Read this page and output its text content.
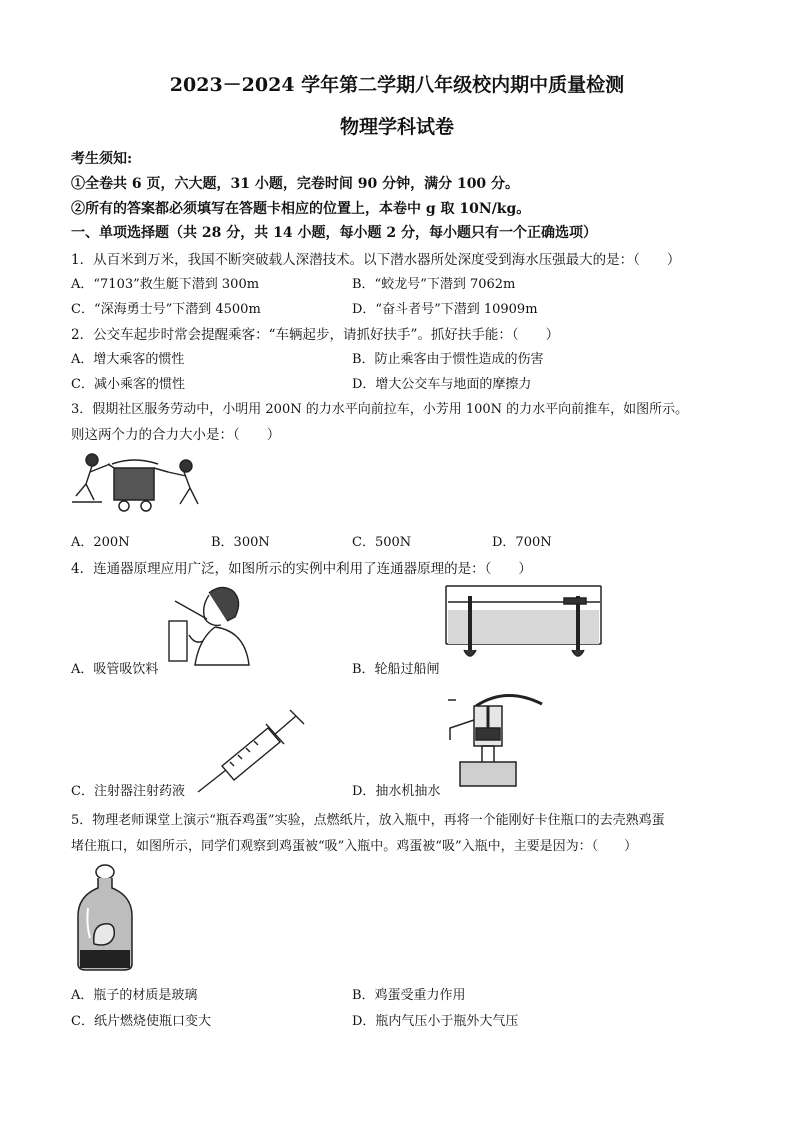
2023－2024 学年第二学期八年级校内期中质量检测
物理学科试卷
考生须知:
①全卷共 6 页，六大题，31 小题，完卷时间 90 分钟，满分 100 分。
②所有的答案都必须填写在答题卡相应的位置上，本卷中 g 取 10N/kg。
一、单项选择题（共 28 分，共 14 小题，每小题 2 分，每小题只有一个正确选项）
1．从百米到万米，我国不断突破载人深潜技术。以下潜水器所处深度受到海水压强最大的是：（　　）
A．“7103”救生艇下潜到 300m	B．“蛟龙号”下潜到 7062m
C．“深海勇士号”下潜到 4500m	D．“奋斗者号”下潜到 10909m
2．公交车起步时常会提醒乘客：“车辆起步，请抓好扶手”。抓好扶手能：（　　）
A．增大乘客的惯性	B．防止乘客由于惯性造成的伤害
C．减小乘客的惯性	D．增大公交车与地面的摩擦力
3．假期社区服务劳动中，小明用 200N 的力水平向前拉车，小芳用 100N 的力水平向前推车，如图所示。
则这两个力的合力大小是：（　　）
A．200N	B．300N	C．500N	D．700N
4．连通器原理应用广泛，如图所示的实例中利用了连通器原理的是：（　　）
A．吸管吸饮料	B．轮船过船闸
C．注射器注射药液	D．抽水机抽水
5．物理老师课堂上演示“瓶吞鸡蛋”实验，点燃纸片，放入瓶中，再将一个能刚好卡住瓶口的去壳熟鸡蛋
堵住瓶口，如图所示，同学们观察到鸡蛋被“吸”入瓶中。鸡蛋被“吸”入瓶中，主要是因为：（　　）
A．瓶子的材质是玻璃	B．鸡蛋受重力作用
C．纸片燃烧使瓶口变大	D．瓶内气压小于瓶外大气压
